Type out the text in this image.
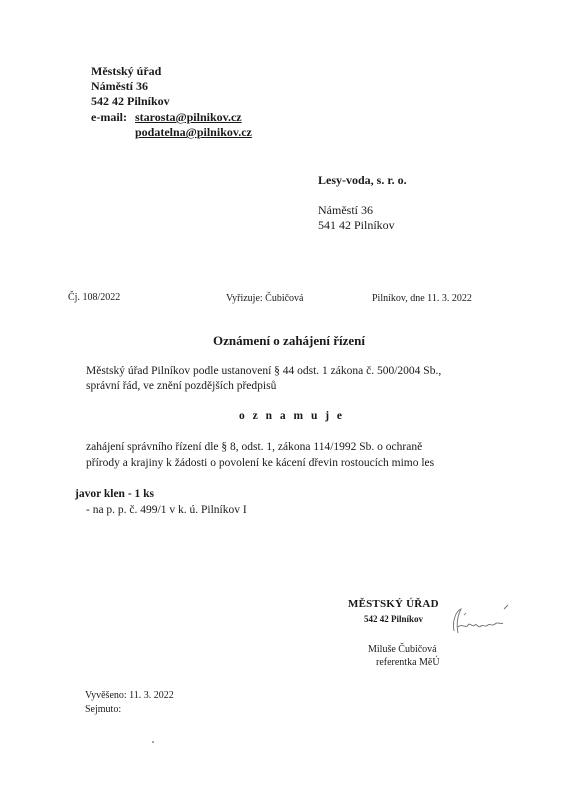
Městský úřad
Náměstí 36
542 42 Pilníkov
e-mail: starosta@pilnikov.cz
podatelna@pilnikov.cz
Lesy-voda, s. r. o.
Náměstí 36
541 42 Pilníkov
Čj. 108/2022	Vyřizuje: Čubičová	Pilníkov, dne 11. 3. 2022
Oznámení o zahájení řízení
Městský úřad Pilníkov podle ustanovení § 44 odst. 1 zákona č. 500/2004 Sb.,
správní řád, ve znění pozdějších předpisů
o z n a m u j e
zahájení správního řízení dle § 8, odst. 1, zákona 114/1992 Sb. o ochraně
přírody a krajiny k žádosti o povolení ke kácení dřevin rostoucích mimo les
javor klen - 1 ks
- na p. p. č. 499/1 v k. ú. Pilníkov I
MĚSTSKÝ ÚŘAD
542 42 Pilníkov
Miluše Čubičová
referentka MěÚ
Vyvěšeno: 11. 3. 2022
Sejmuto:
